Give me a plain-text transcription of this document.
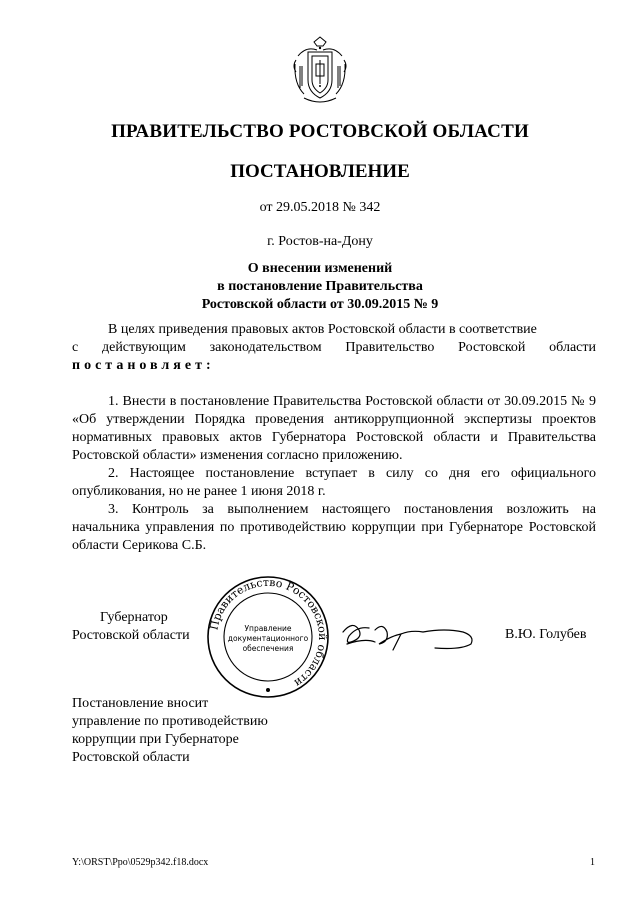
ПРАВИТЕЛЬСТВО РОСТОВСКОЙ ОБЛАСТИ
ПОСТАНОВЛЕНИЕ
от 29.05.2018 № 342
г. Ростов-на-Дону
О внесении изменений
в постановление Правительства
Ростовской области от 30.09.2015 № 9

В целях приведения правовых актов Ростовской области в соответствие

с действующим законодательством Правительство Ростовской области

постановляет:

1. Внести в постановление Правительства Ростовской области от 30.09.2015 № 9 «Об утверждении Порядка проведения антикоррупционной экспертизы проектов нормативных правовых актов Губернатора Ростовской области и Правительства Ростовской области» изменения согласно приложению.

2. Настоящее постановление вступает в силу со дня его официального опубликования, но не ранее 1 июня 2018 г.

3. Контроль за выполнением настоящего постановления возложить на начальника управления по противодействию коррупции при Губернаторе Ростовской области Серикова С.Б.

Губернатор
Ростовской области
Правительство Ростовской области
Управление
документационного
обеспечения
В.Ю. Голубев
Постановление вносит
управление по противодействию
коррупции при Губернаторе
Ростовской области
Y:\ORST\Ppo\0529p342.f18.docx	1
